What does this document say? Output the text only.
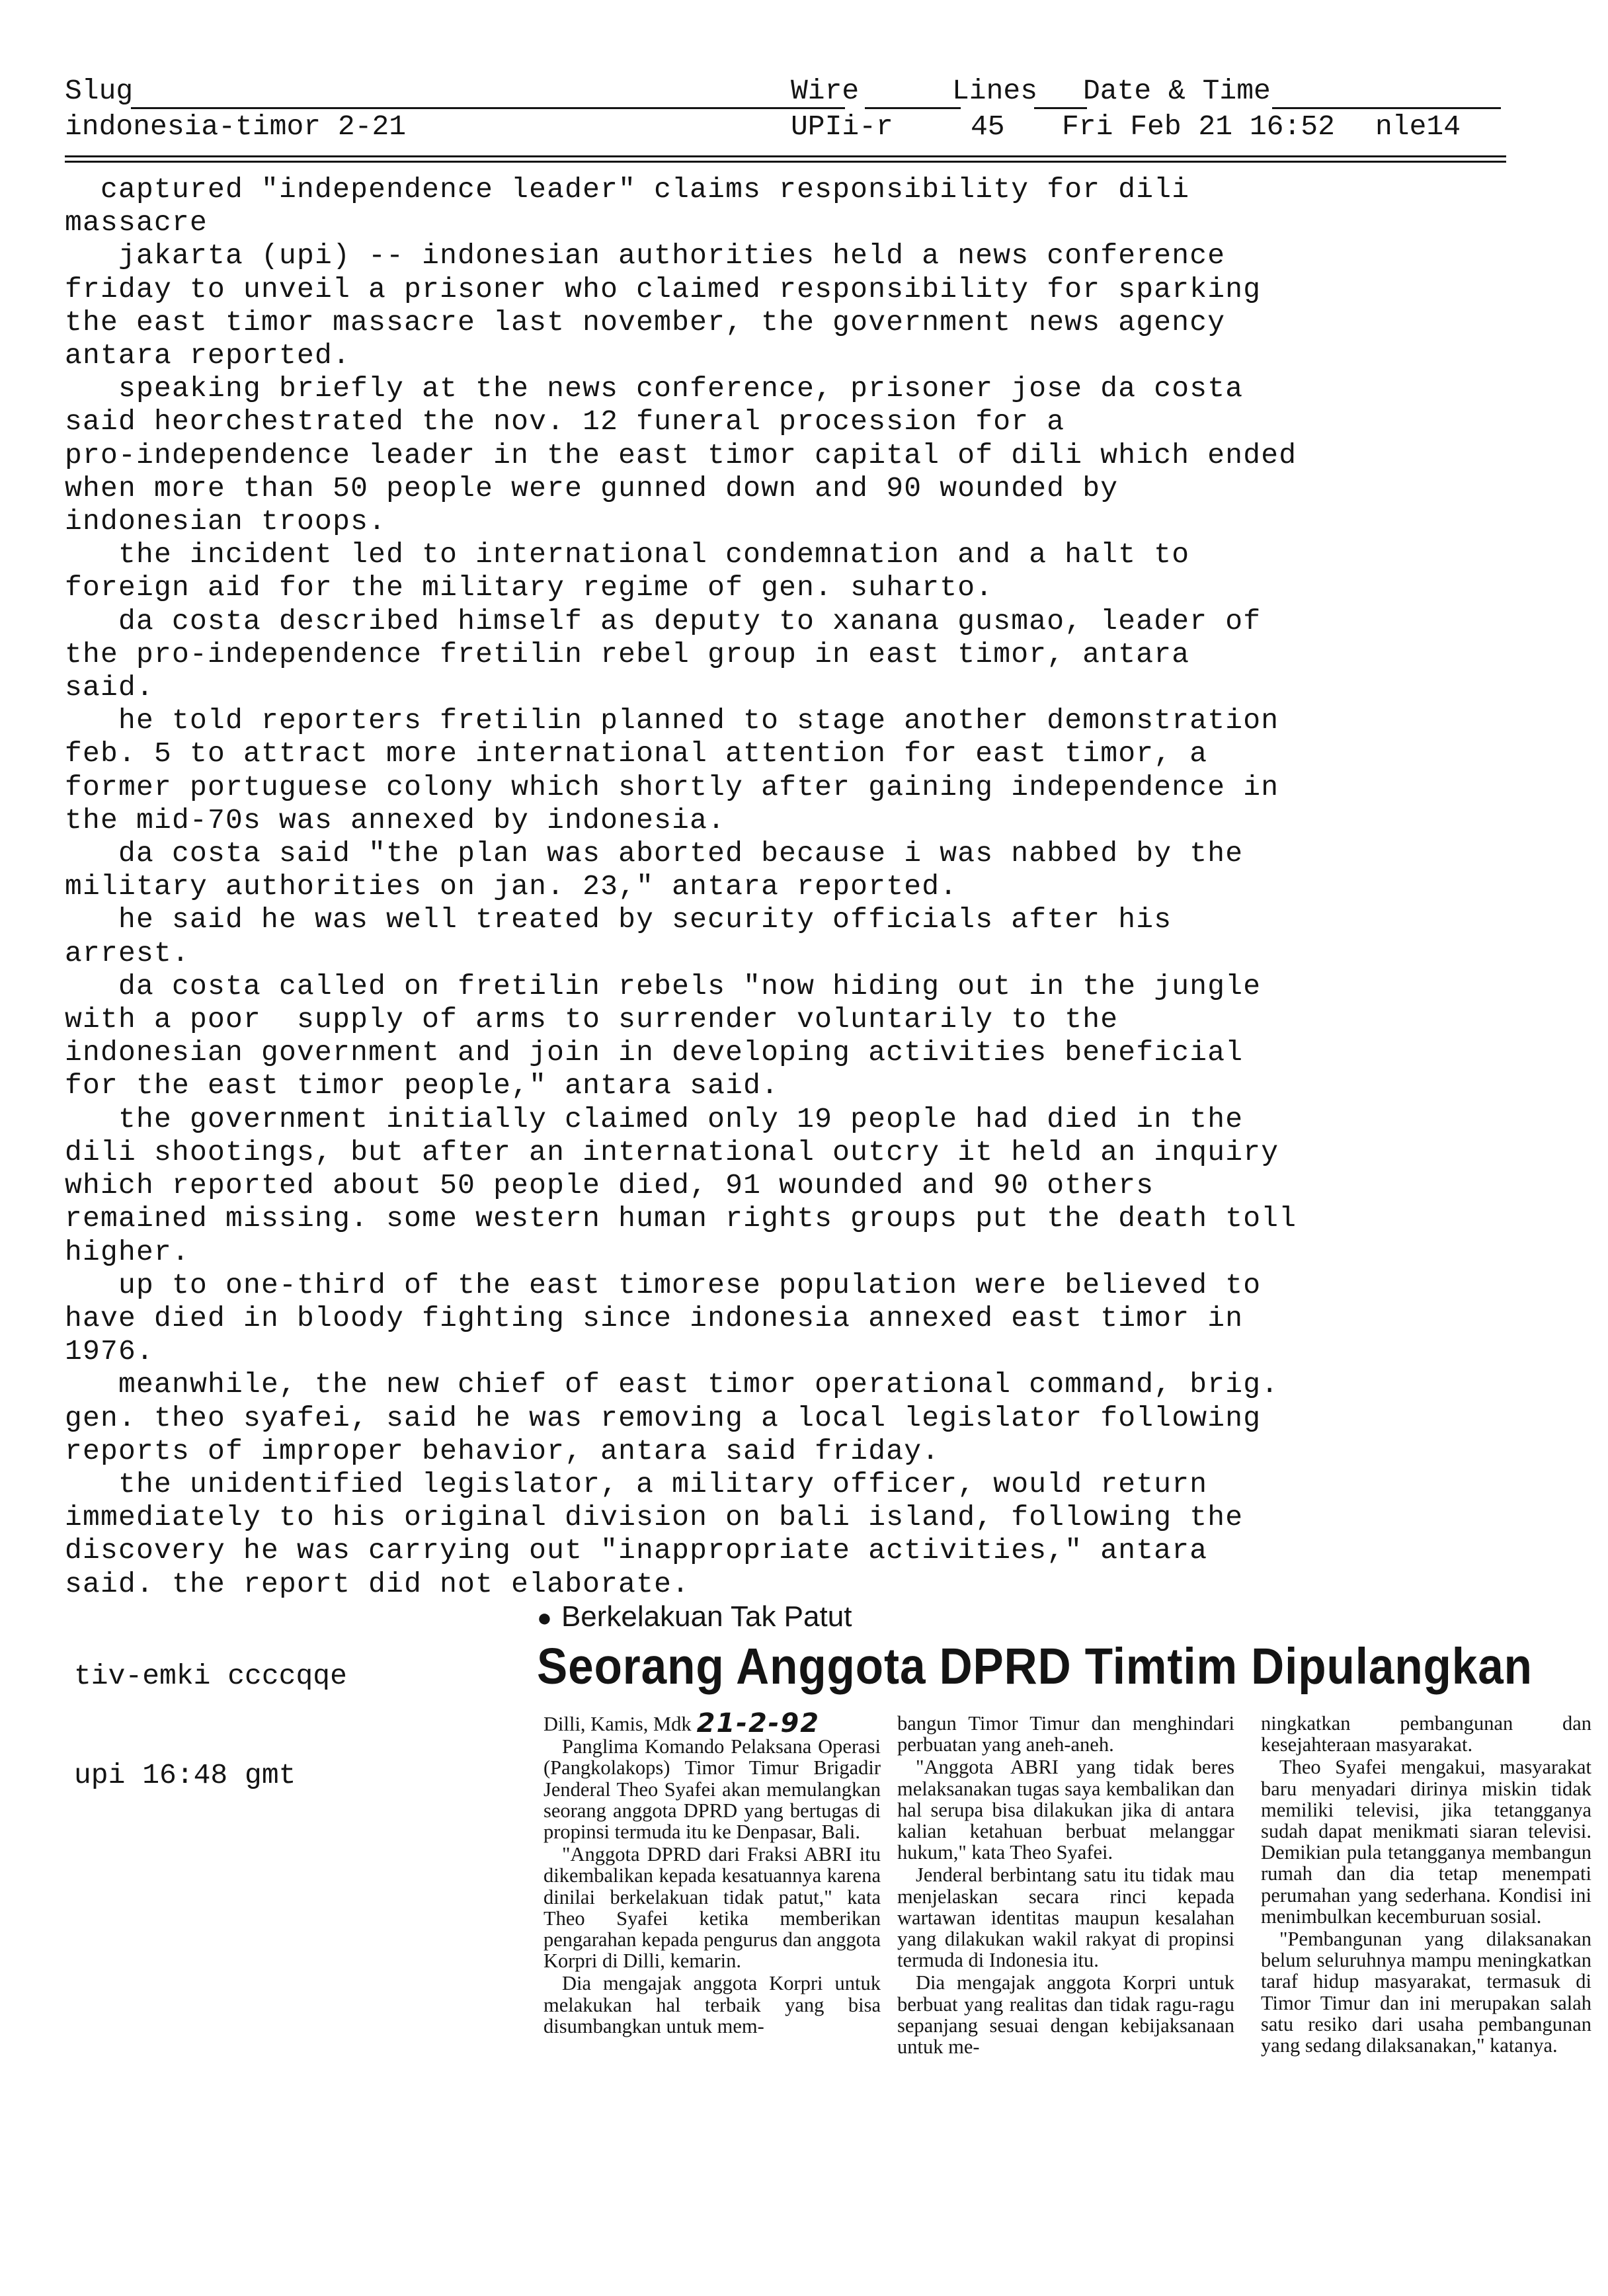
Slug	Wire	Lines Date & Time
indonesia-timor 2-21	UPIi-r	45 Fri Feb 21 16:52 nle14

captured "independence leader" claims responsibility for dili

massacre

jakarta (upi) -- indonesian authorities held a news conference

friday to unveil a prisoner who claimed responsibility for sparking

the east timor massacre last november, the government news agency

antara reported.

speaking briefly at the news conference, prisoner jose da costa

said heorchestrated the nov. 12 funeral procession for a

pro-independence leader in the east timor capital of dili which ended

when more than 50 people were gunned down and 90 wounded by

indonesian troops.

the incident led to international condemnation and a halt to

foreign aid for the military regime of gen. suharto.

da costa described himself as deputy to xanana gusmao, leader of

the pro-independence fretilin rebel group in east timor, antara

said.

he told reporters fretilin planned to stage another demonstration

feb. 5 to attract more international attention for east timor, a

former portuguese colony which shortly after gaining independence in

the mid-70s was annexed by indonesia.

da costa said "the plan was aborted because i was nabbed by the

military authorities on jan. 23," antara reported.

he said he was well treated by security officials after his

arrest.

da costa called on fretilin rebels "now hiding out in the jungle

with a poor  supply of arms to surrender voluntarily to the

indonesian government and join in developing activities beneficial

for the east timor people," antara said.

the government initially claimed only 19 people had died in the

dili shootings, but after an international outcry it held an inquiry

which reported about 50 people died, 91 wounded and 90 others

remained missing. some western human rights groups put the death toll

higher.

up to one-third of the east timorese population were believed to

have died in bloody fighting since indonesia annexed east timor in

1976.

meanwhile, the new chief of east timor operational command, brig.

gen. theo syafei, said he was removing a local legislator following

reports of improper behavior, antara said friday.

the unidentified legislator, a military officer, would return

immediately to his original division on bali island, following the

discovery he was carrying out "inappropriate activities," antara

said. the report did not elaborate.

tiv-emki ccccqqe

upi 16:48 gmt

● Berkelakuan Tak Patut
Seorang Anggota DPRD Timtim Dipulangkan

Dilli, Kamis, Mdk 21-2-92

Panglima Komando Pelaksana Operasi (Pangkolakops) Timor Timur Brigadir Jenderal Theo Syafei akan memulangkan seorang anggota DPRD yang bertugas di propinsi termuda itu ke Denpasar, Bali.

"Anggota DPRD dari Fraksi ABRI itu dikembalikan kepada kesatuannya karena dinilai berkelakuan tidak patut," kata Theo Syafei ketika memberikan pengarahan kepada pengurus dan anggota Korpri di Dilli, kemarin.

Dia mengajak anggota Korpri untuk melakukan hal terbaik yang bisa disumbangkan untuk mem-

bangun Timor Timur dan menghindari perbuatan yang aneh-aneh.

"Anggota ABRI yang tidak beres melaksanakan tugas saya kembalikan dan hal serupa bisa dilakukan jika di antara kalian ketahuan berbuat melanggar hukum," kata Theo Syafei.

Jenderal berbintang satu itu tidak mau menjelaskan secara rinci kepada wartawan identitas maupun kesalahan yang dilakukan wakil rakyat di propinsi termuda di Indonesia itu.

Dia mengajak anggota Korpri untuk berbuat yang realitas dan tidak ragu-ragu sepanjang sesuai dengan kebijaksanaan untuk me-

ningkatkan pembangunan dan kesejahteraan masyarakat.

Theo Syafei mengakui, masyarakat baru menyadari dirinya miskin tidak memiliki televisi, jika tetangganya sudah dapat menikmati siaran televisi. Demikian pula tetangganya membangun rumah dan dia tetap menempati perumahan yang sederhana. Kondisi ini menimbulkan kecemburuan sosial.

"Pembangunan yang dilaksanakan belum seluruhnya mampu meningkatkan taraf hidup masyarakat, termasuk di Timor Timur dan ini merupakan salah satu resiko dari usaha pembangunan yang sedang dilaksanakan," katanya.
